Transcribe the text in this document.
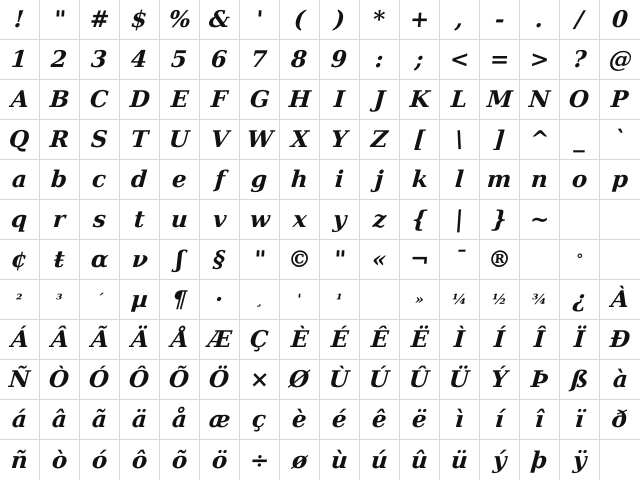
! " # $ % & ' ( ) * + , - . / 0
1 2 3 4 5 6 7 8 9 : ; < = > ? @
A B C D E F G H I J K L M N O P
Q R S T U V W X Y Z [ \ ] ^ _ `
a b c d e f g h i j k l m n o p
q r s t u v w x y z { | } ~
¢ ŧ α ν ʃ § " © " « ¬ ¯ ®	°
² ³ ´ µ ¶ · ¸ ' ¹	» ¼ ½ ¾ ¿ À
Á Â Ã Ä Å Æ Ç È É Ê Ë Ì Í Î Ï Ð
Ñ Ò Ó Ô Õ Ö × Ø Ù Ú Û Ü Ý Þ ß à
á â ã ä å æ ç è é ê ë ì í î ï ð
ñ ò ó ô õ ö ÷ ø ù ú û ü ý þ ÿ
